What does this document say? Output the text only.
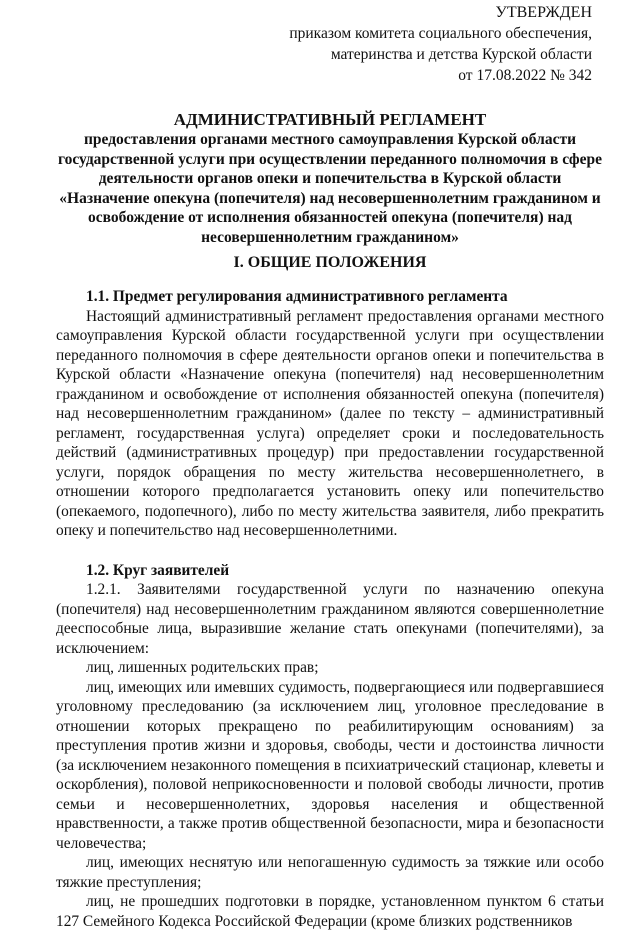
УТВЕРЖДЕН
приказом комитета социального обеспечения,
материнства и детства Курской области
от 17.08.2022 № 342
АДМИНИСТРАТИВНЫЙ РЕГЛАМЕНТ
предоставления органами местного самоуправления Курской области государственной услуги при осуществлении переданного полномочия в сфере деятельности органов опеки и попечительства в Курской области «Назначение опекуна (попечителя) над несовершеннолетним гражданином и освобождение от исполнения обязанностей опекуна (попечителя) над несовершеннолетним гражданином»
I. ОБЩИЕ ПОЛОЖЕНИЯ

1.1. Предмет регулирования административного регламента

Настоящий административный регламент предоставления органами местного самоуправления Курской области государственной услуги при осуществлении переданного полномочия в сфере деятельности органов опеки и попечительства в Курской области «Назначение опекуна (попечителя) над несовершеннолетним гражданином и освобождение от исполнения обязанностей опекуна (попечителя) над несовершеннолетним гражданином» (далее по тексту – административный регламент, государственная услуга) определяет сроки и последовательность действий (административных процедур) при предоставлении государственной услуги, порядок обращения по месту жительства несовершеннолетнего, в отношении которого предполагается установить опеку или попечительство (опекаемого, подопечного), либо по месту жительства заявителя, либо прекратить опеку и попечительство над несовершеннолетними.

1.2. Круг заявителей

1.2.1. Заявителями государственной услуги по назначению опекуна (попечителя) над несовершеннолетним гражданином являются совершеннолетние дееспособные лица, выразившие желание стать опекунами (попечителями), за исключением:

лиц, лишенных родительских прав;

лиц, имеющих или имевших судимость, подвергающиеся или подвергавшиеся уголовному преследованию (за исключением лиц, уголовное преследование в отношении которых прекращено по реабилитирующим основаниям) за преступления против жизни и здоровья, свободы, чести и достоинства личности (за исключением незаконного помещения в психиатрический стационар, клеветы и оскорбления), половой неприкосновенности и половой свободы личности, против семьи и несовершеннолетних, здоровья населения и общественной нравственности, а также против общественной безопасности, мира и безопасности человечества;

лиц, имеющих неснятую или непогашенную судимость за тяжкие или особо тяжкие преступления;

лиц, не прошедших подготовки в порядке, установленном пунктом 6 статьи 127 Семейного Кодекса Российской Федерации (кроме близких родственников
